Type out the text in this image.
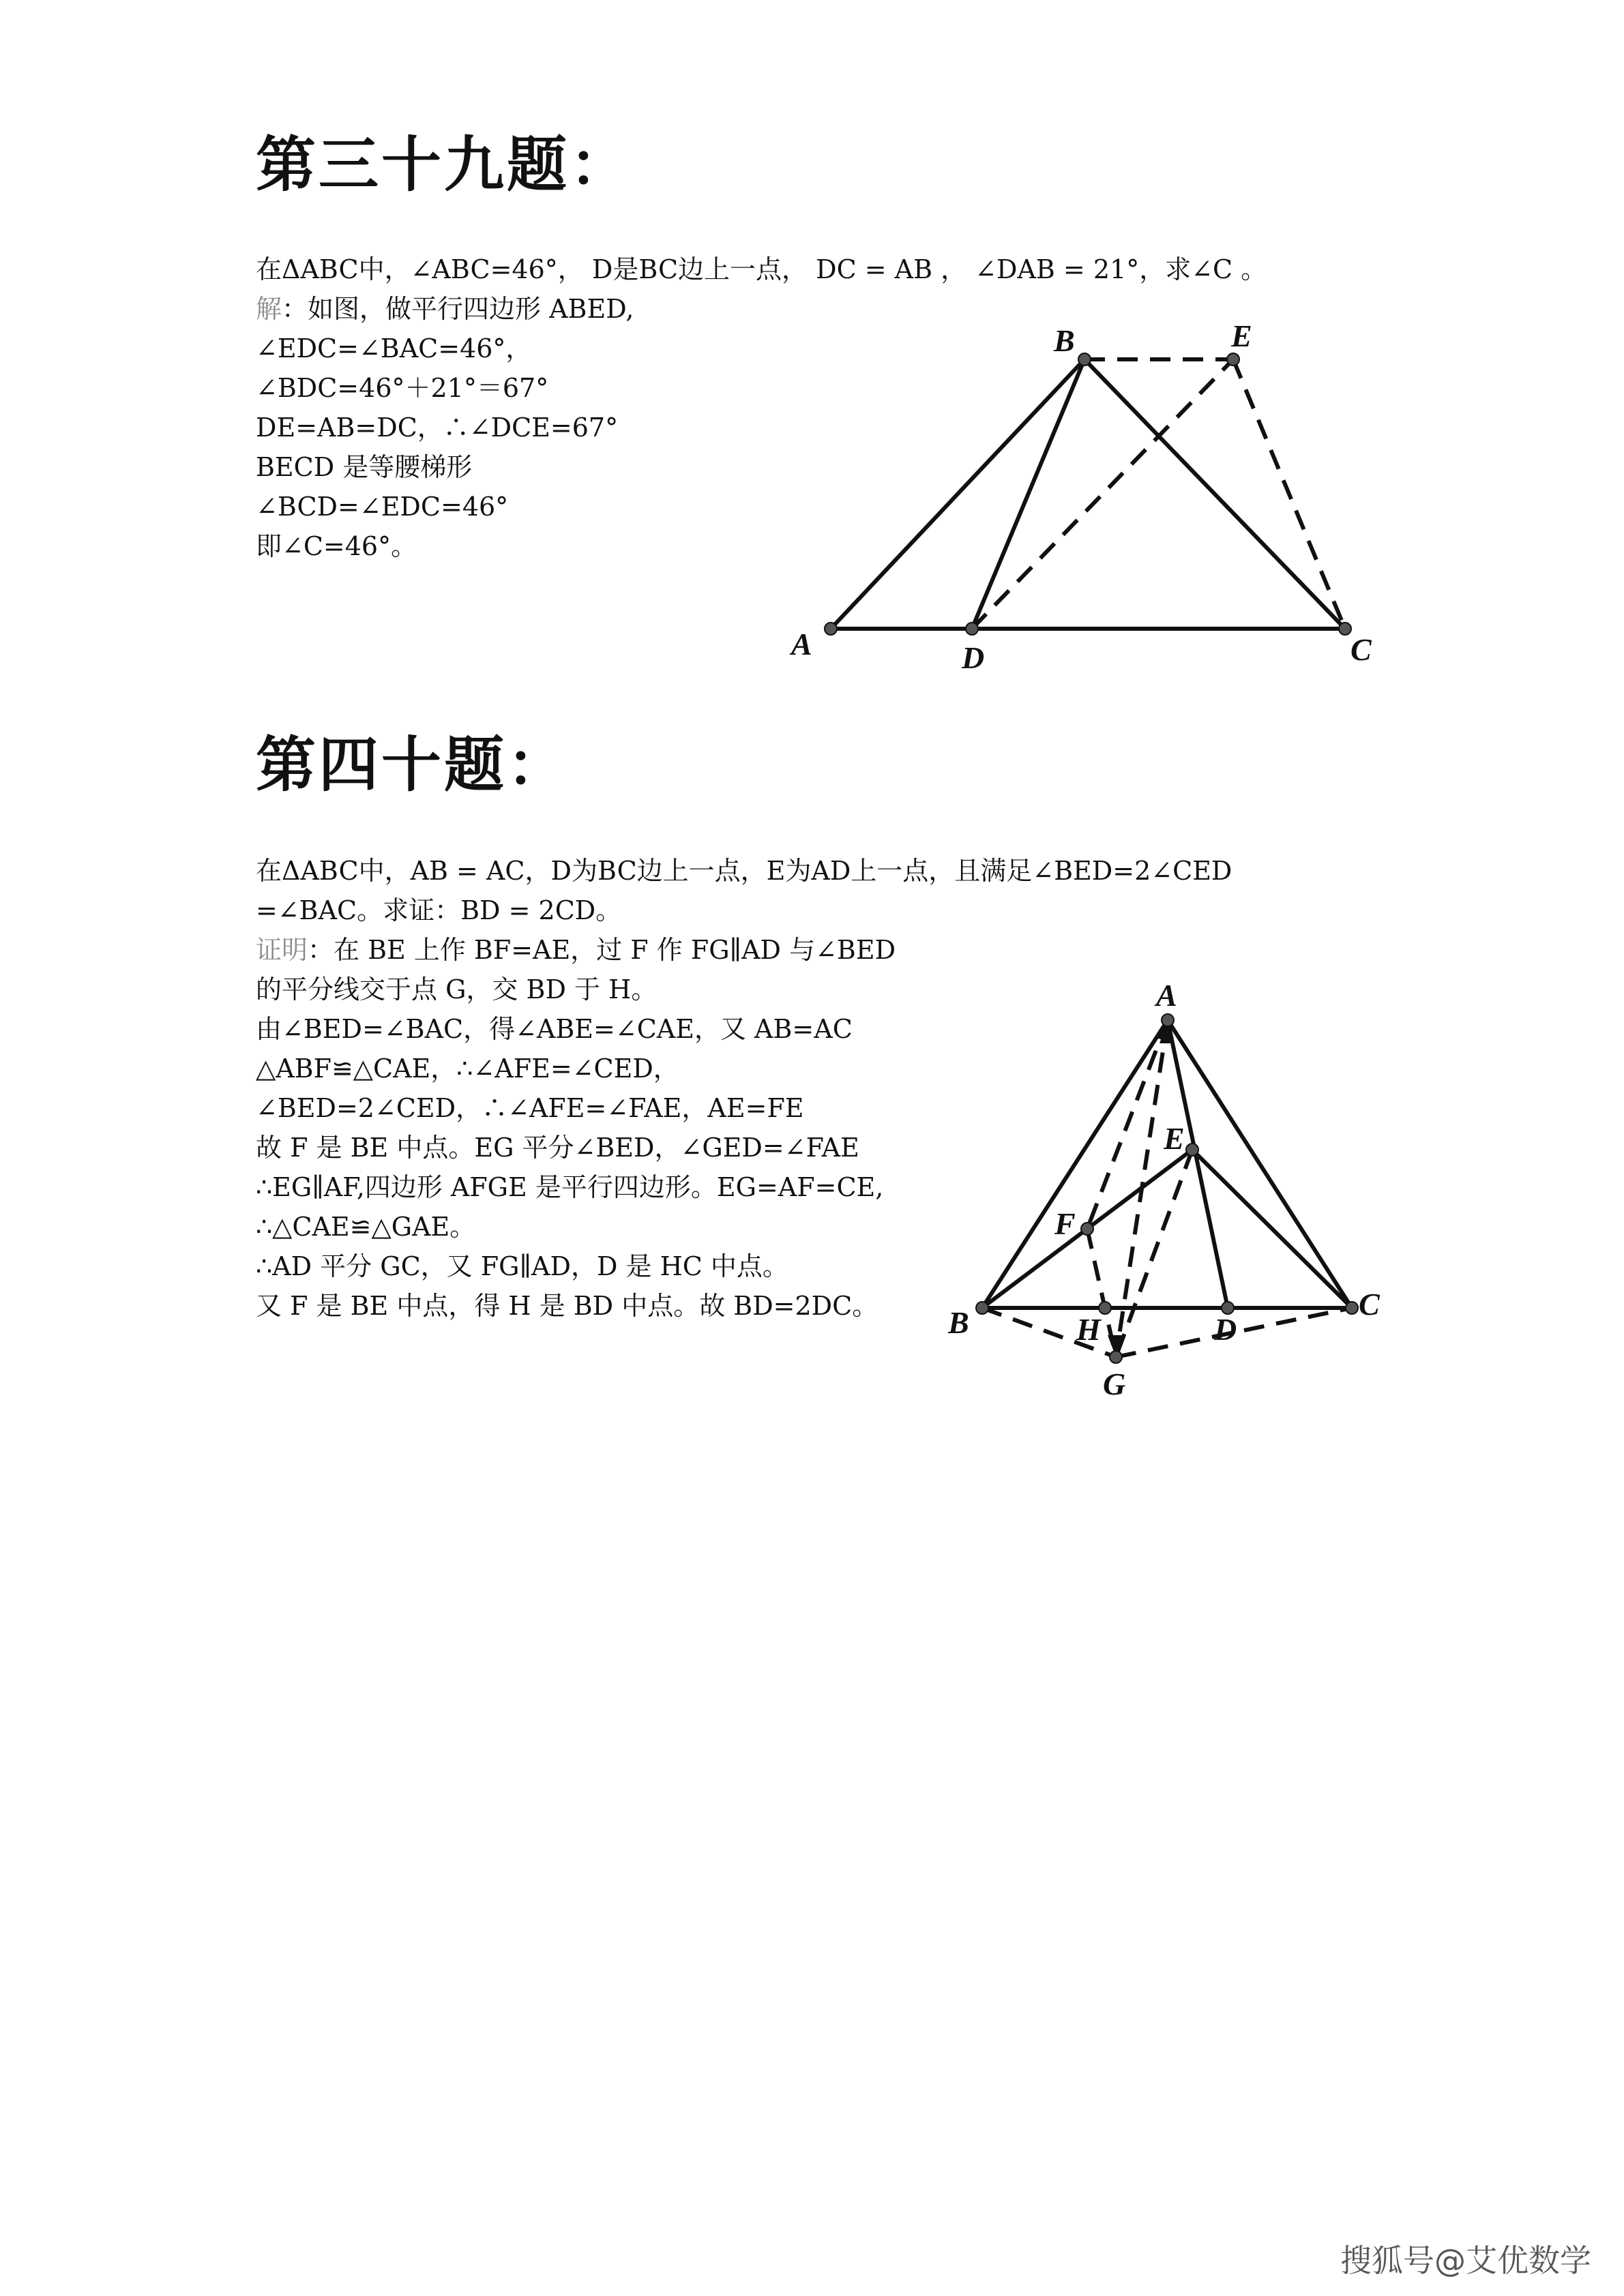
第三十九题：
在ΔABC中，∠ABC=46°， D是BC边上一点， DC = AB ， ∠DAB = 21°，求∠C 。
解：如图，做平行四边形 ABED,
∠EDC=∠BAC=46°，
∠BDC=46°＋21°＝67°
DE=AB=DC，∴∠DCE=67°
BECD 是等腰梯形
∠BCD=∠EDC=46°
即∠C=46°。
A
B
C
D
E
第四十题：
在ΔABC中，AB = AC，D为BC边上一点，E为AD上一点，且满足∠BED=2∠CED
=∠BAC。求证：BD = 2CD。
证明：在 BE 上作 BF=AE，过 F 作 FG∥AD 与∠BED
的平分线交于点 G，交 BD 于 H。
由∠BED=∠BAC，得∠ABE=∠CAE，又 AB=AC
△ABF≌△CAE，∴∠AFE=∠CED，
∠BED=2∠CED，∴∠AFE=∠FAE，AE=FE
故 F 是 BE 中点。EG 平分∠BED，∠GED=∠FAE
∴EG∥AF,四边形 AFGE 是平行四边形。EG=AF=CE,
∴△CAE≌△GAE。
∴AD 平分 GC，又 FG∥AD，D 是 HC 中点。
又 F 是 BE 中点，得 H 是 BD 中点。故 BD=2DC。
A
B
C
D
E
F
G
H
搜狐号@艾优数学
